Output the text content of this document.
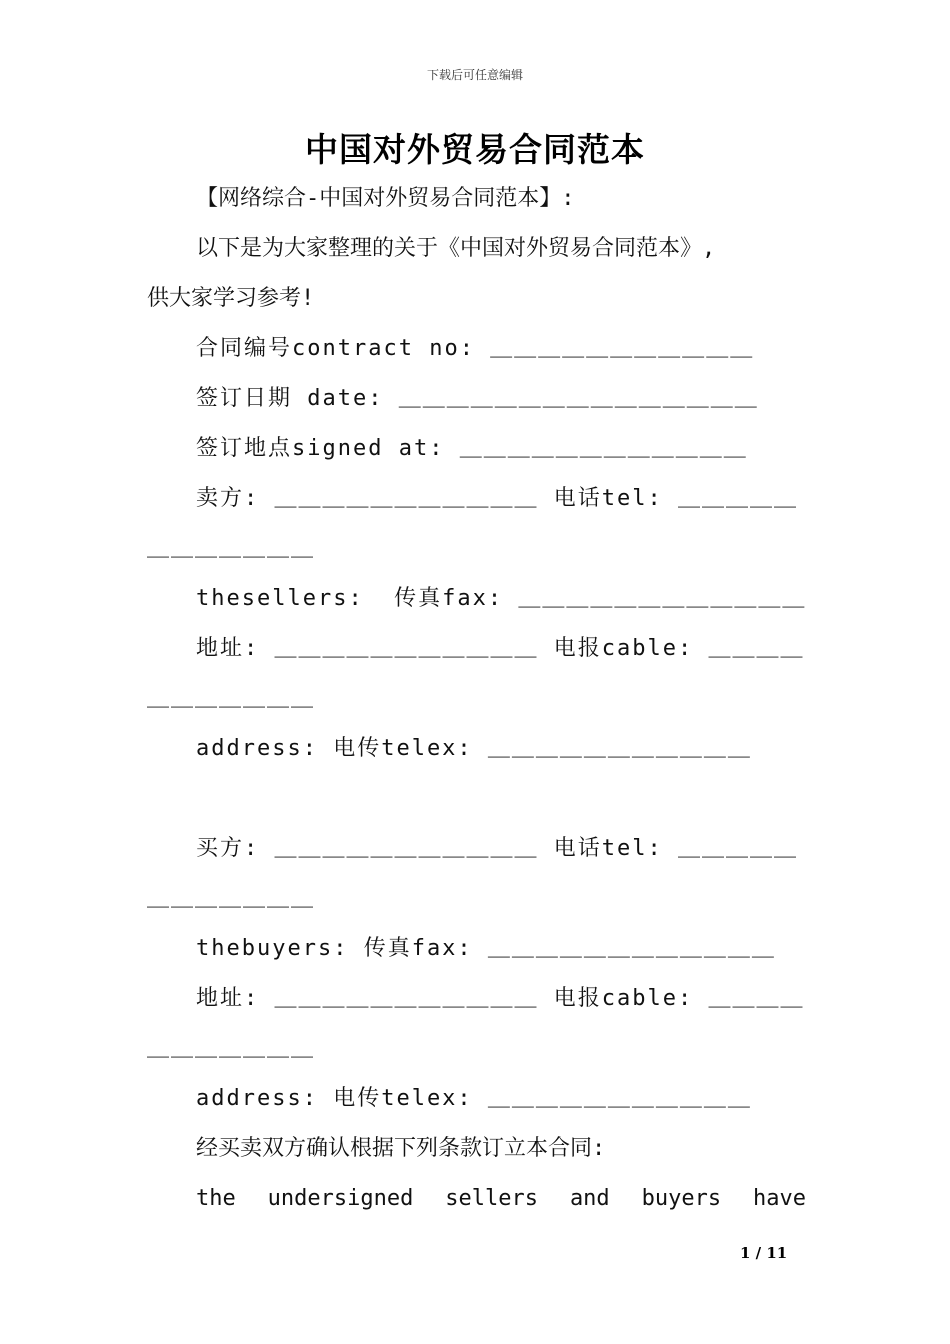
下载后可任意编辑
中国对外贸易合同范本
【网络综合-中国对外贸易合同范本】:
以下是为大家整理的关于《中国对外贸易合同范本》,
供大家学习参考!
合同编号contract no: ＿＿＿＿＿＿＿＿＿＿＿
签订日期 date: ＿＿＿＿＿＿＿＿＿＿＿＿＿＿＿
签订地点signed at: ＿＿＿＿＿＿＿＿＿＿＿＿
卖方: ＿＿＿＿＿＿＿＿＿＿＿ 电话tel: ＿＿＿＿＿
＿＿＿＿＿＿＿
thesellers:  传真fax: ＿＿＿＿＿＿＿＿＿＿＿＿
地址: ＿＿＿＿＿＿＿＿＿＿＿ 电报cable: ＿＿＿＿
＿＿＿＿＿＿＿
address: 电传telex: ＿＿＿＿＿＿＿＿＿＿＿
买方: ＿＿＿＿＿＿＿＿＿＿＿ 电话tel: ＿＿＿＿＿
＿＿＿＿＿＿＿
thebuyers: 传真fax: ＿＿＿＿＿＿＿＿＿＿＿＿
地址: ＿＿＿＿＿＿＿＿＿＿＿ 电报cable: ＿＿＿＿
＿＿＿＿＿＿＿
address: 电传telex: ＿＿＿＿＿＿＿＿＿＿＿
经买卖双方确认根据下列条款订立本合同:
the undersigned sellers and buyers have
1 / 11
